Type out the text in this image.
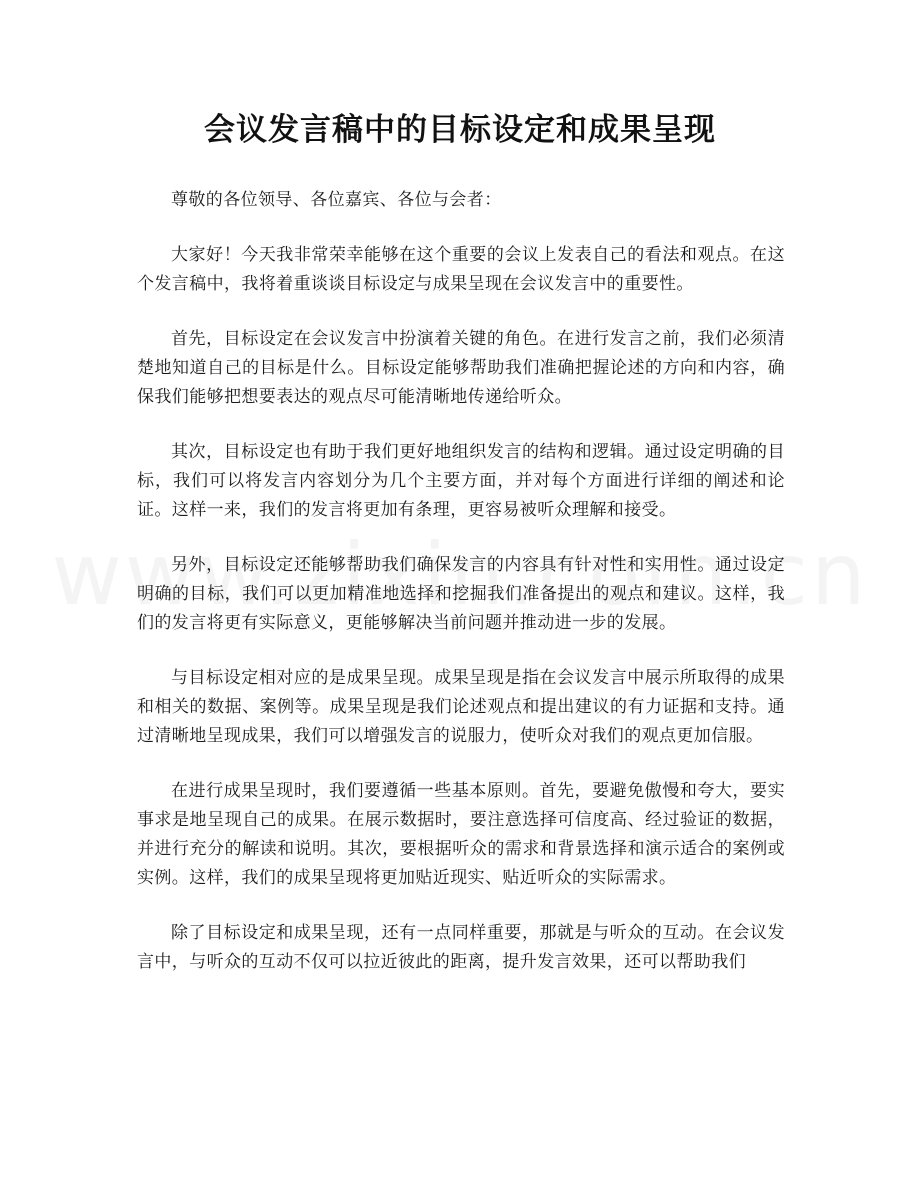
会议发言稿中的目标设定和成果呈现

尊敬的各位领导、各位嘉宾、各位与会者：

大家好！今天我非常荣幸能够在这个重要的会议上发表自己的看法和观点。在这个发言稿中，我将着重谈谈目标设定与成果呈现在会议发言中的重要性。

首先，目标设定在会议发言中扮演着关键的角色。在进行发言之前，我们必须清楚地知道自己的目标是什么。目标设定能够帮助我们准确把握论述的方向和内容，确保我们能够把想要表达的观点尽可能清晰地传递给听众。

其次，目标设定也有助于我们更好地组织发言的结构和逻辑。通过设定明确的目标，我们可以将发言内容划分为几个主要方面，并对每个方面进行详细的阐述和论证。这样一来，我们的发言将更加有条理，更容易被听众理解和接受。

另外，目标设定还能够帮助我们确保发言的内容具有针对性和实用性。通过设定明确的目标，我们可以更加精准地选择和挖掘我们准备提出的观点和建议。这样，我们的发言将更有实际意义，更能够解决当前问题并推动进一步的发展。

与目标设定相对应的是成果呈现。成果呈现是指在会议发言中展示所取得的成果和相关的数据、案例等。成果呈现是我们论述观点和提出建议的有力证据和支持。通过清晰地呈现成果，我们可以增强发言的说服力，使听众对我们的观点更加信服。

在进行成果呈现时，我们要遵循一些基本原则。首先，要避免傲慢和夸大，要实事求是地呈现自己的成果。在展示数据时，要注意选择可信度高、经过验证的数据，并进行充分的解读和说明。其次，要根据听众的需求和背景选择和演示适合的案例或实例。这样，我们的成果呈现将更加贴近现实、贴近听众的实际需求。

除了目标设定和成果呈现，还有一点同样重要，那就是与听众的互动。在会议发言中，与听众的互动不仅可以拉近彼此的距离，提升发言效果，还可以帮助我们
